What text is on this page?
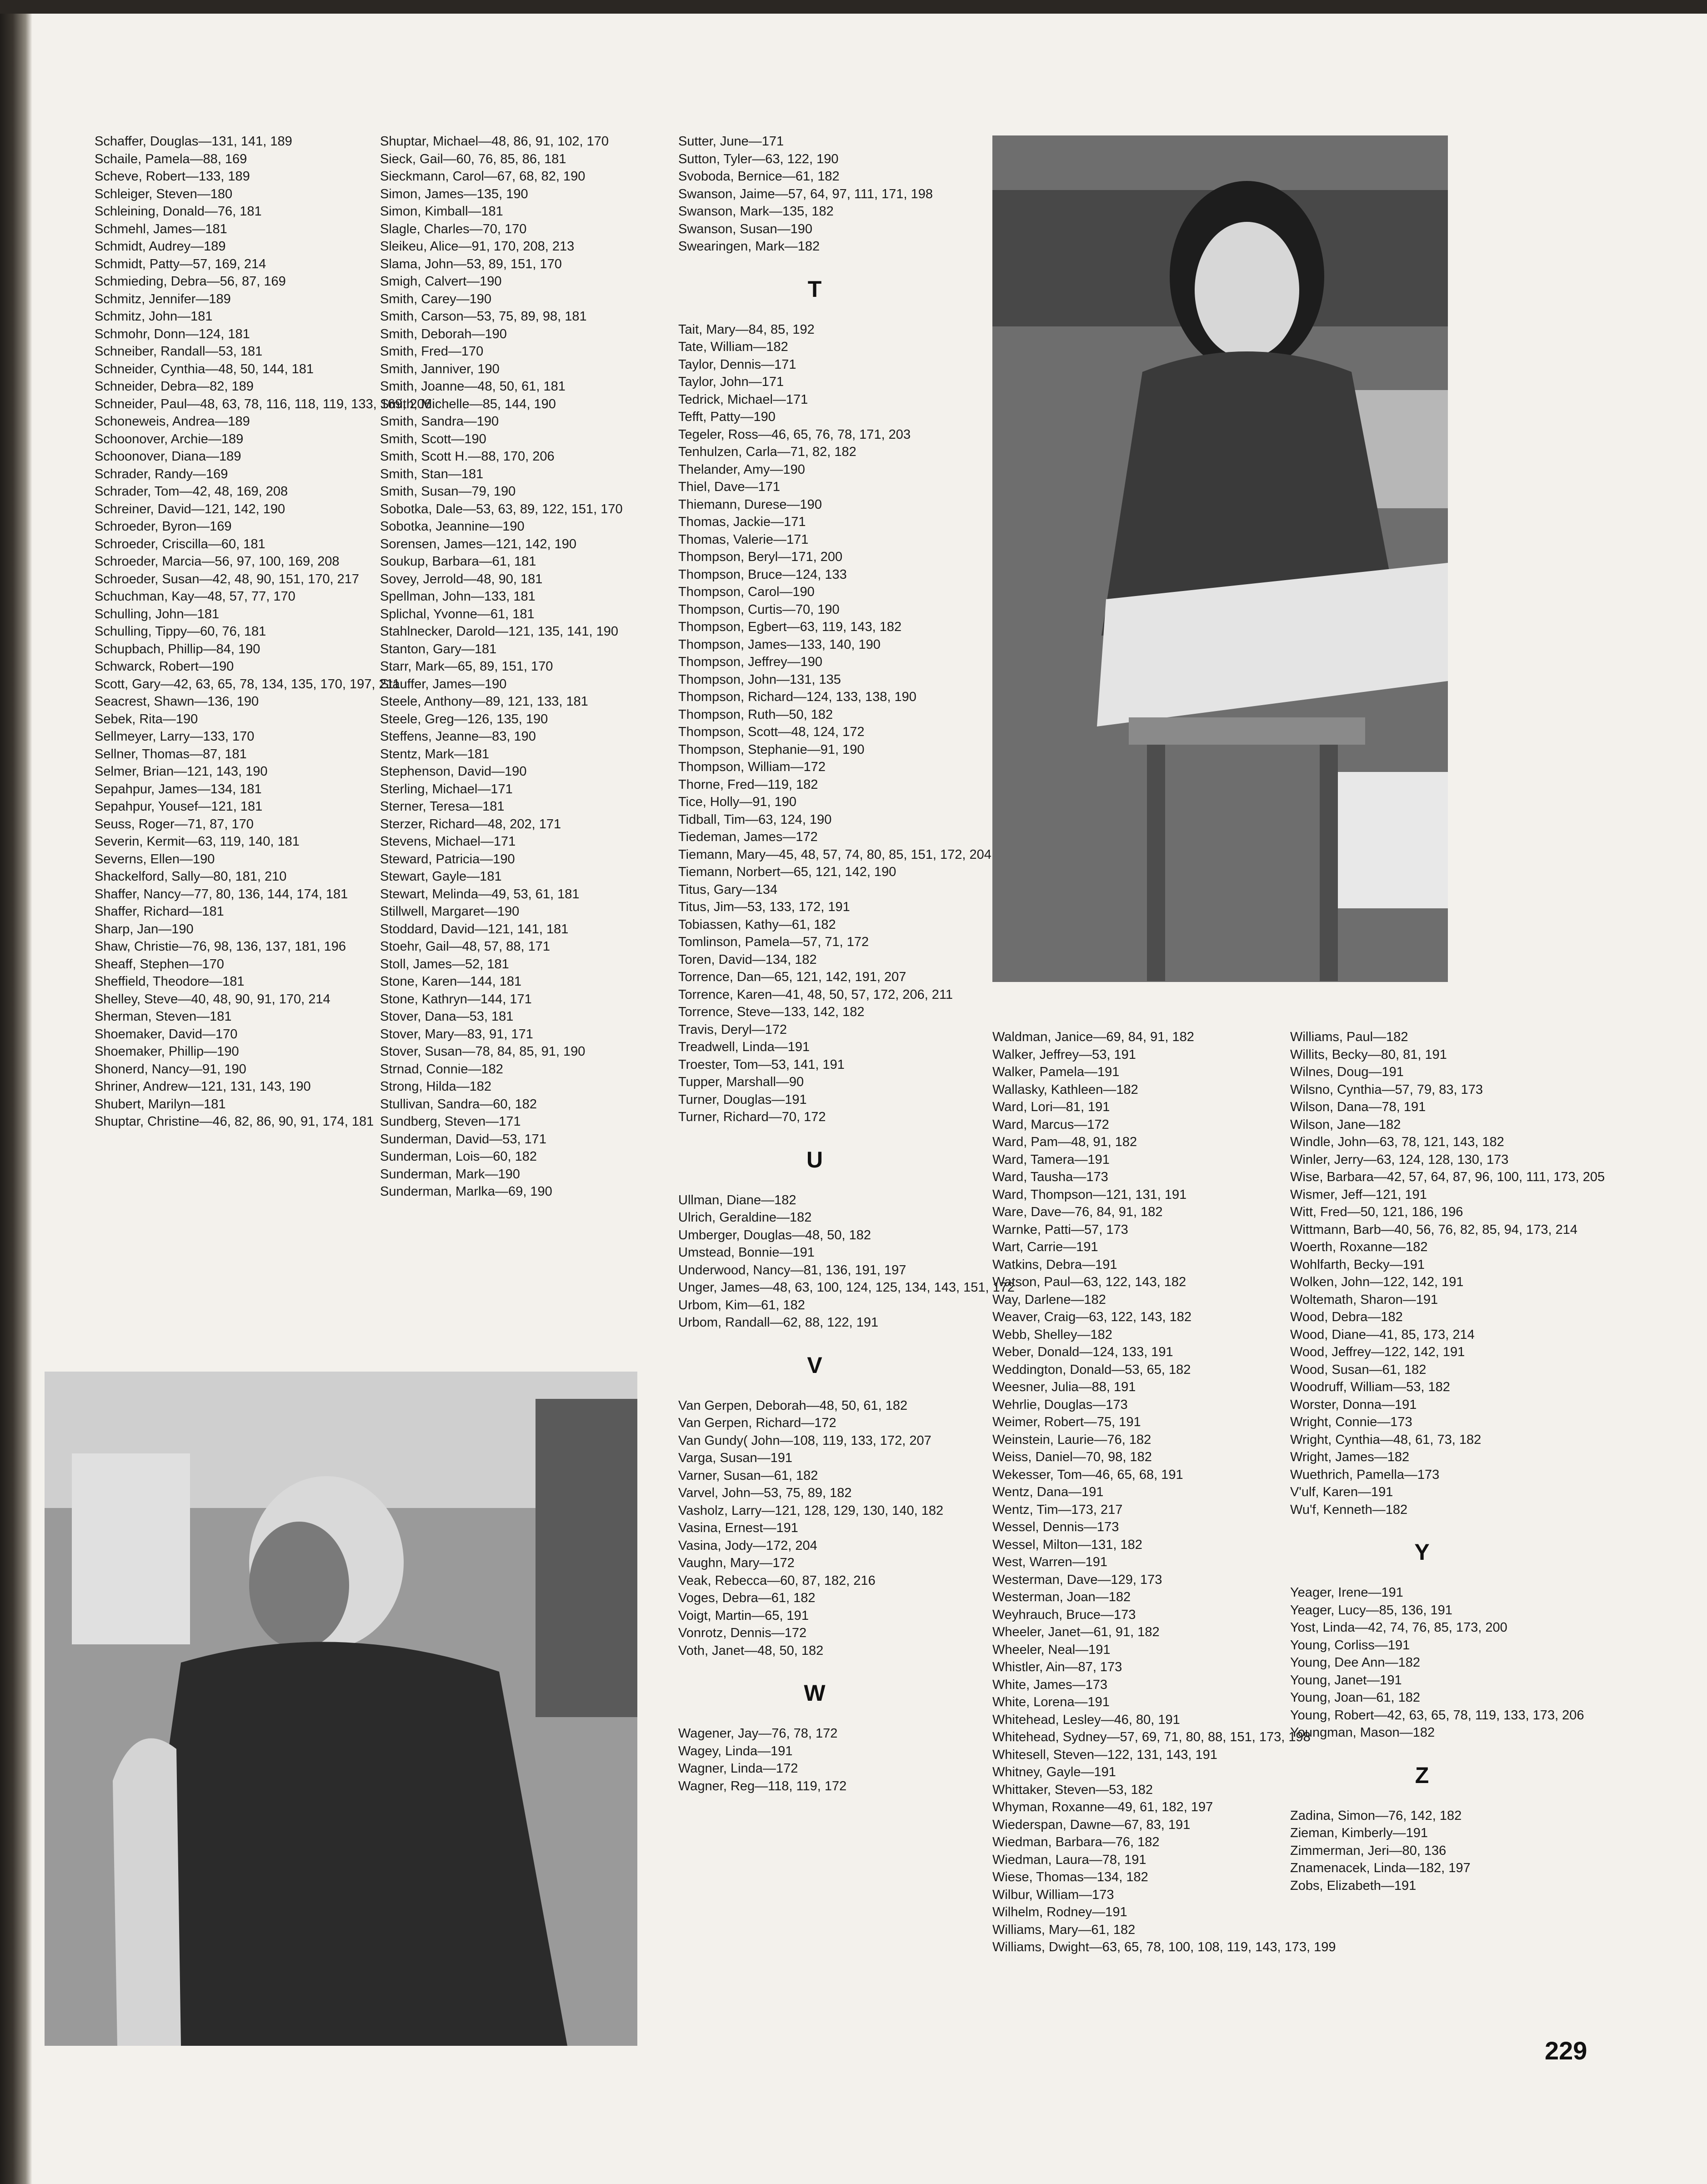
Schaffer, Douglas—131, 141, 189
Schaile, Pamela—88, 169
Scheve, Robert—133, 189
Schleiger, Steven—180
Schleining, Donald—76, 181
Schmehl, James—181
Schmidt, Audrey—189
Schmidt, Patty—57, 169, 214
Schmieding, Debra—56, 87, 169
Schmitz, Jennifer—189
Schmitz, John—181
Schmohr, Donn—124, 181
Schneiber, Randall—53, 181
Schneider, Cynthia—48, 50, 144, 181
Schneider, Debra—82, 189
Schneider, Paul—48, 63, 78, 116, 118, 119, 133, 169, 206
Schoneweis, Andrea—189
Schoonover, Archie—189
Schoonover, Diana—189
Schrader, Randy—169
Schrader, Tom—42, 48, 169, 208
Schreiner, David—121, 142, 190
Schroeder, Byron—169
Schroeder, Criscilla—60, 181
Schroeder, Marcia—56, 97, 100, 169, 208
Schroeder, Susan—42, 48, 90, 151, 170, 217
Schuchman, Kay—48, 57, 77, 170
Schulling, John—181
Schulling, Tippy—60, 76, 181
Schupbach, Phillip—84, 190
Schwarck, Robert—190
Scott, Gary—42, 63, 65, 78, 134, 135, 170, 197, 211
Seacrest, Shawn—136, 190
Sebek, Rita—190
Sellmeyer, Larry—133, 170
Sellner, Thomas—87, 181
Selmer, Brian—121, 143, 190
Sepahpur, James—134, 181
Sepahpur, Yousef—121, 181
Seuss, Roger—71, 87, 170
Severin, Kermit—63, 119, 140, 181
Severns, Ellen—190
Shackelford, Sally—80, 181, 210
Shaffer, Nancy—77, 80, 136, 144, 174, 181
Shaffer, Richard—181
Sharp, Jan—190
Shaw, Christie—76, 98, 136, 137, 181, 196
Sheaff, Stephen—170
Sheffield, Theodore—181
Shelley, Steve—40, 48, 90, 91, 170, 214
Sherman, Steven—181
Shoemaker, David—170
Shoemaker, Phillip—190
Shonerd, Nancy—91, 190
Shriner, Andrew—121, 131, 143, 190
Shubert, Marilyn—181
Shuptar, Christine—46, 82, 86, 90, 91, 174, 181
Shuptar, Michael—48, 86, 91, 102, 170
Sieck, Gail—60, 76, 85, 86, 181
Sieckmann, Carol—67, 68, 82, 190
Simon, James—135, 190
Simon, Kimball—181
Slagle, Charles—70, 170
Sleikeu, Alice—91, 170, 208, 213
Slama, John—53, 89, 151, 170
Smigh, Calvert—190
Smith, Carey—190
Smith, Carson—53, 75, 89, 98, 181
Smith, Deborah—190
Smith, Fred—170
Smith, Janniver, 190
Smith, Joanne—48, 50, 61, 181
Smith, Michelle—85, 144, 190
Smith, Sandra—190
Smith, Scott—190
Smith, Scott H.—88, 170, 206
Smith, Stan—181
Smith, Susan—79, 190
Sobotka, Dale—53, 63, 89, 122, 151, 170
Sobotka, Jeannine—190
Sorensen, James—121, 142, 190
Soukup, Barbara—61, 181
Sovey, Jerrold—48, 90, 181
Spellman, John—133, 181
Splichal, Yvonne—61, 181
Stahlnecker, Darold—121, 135, 141, 190
Stanton, Gary—181
Starr, Mark—65, 89, 151, 170
Stauffer, James—190
Steele, Anthony—89, 121, 133, 181
Steele, Greg—126, 135, 190
Steffens, Jeanne—83, 190
Stentz, Mark—181
Stephenson, David—190
Sterling, Michael—171
Sterner, Teresa—181
Sterzer, Richard—48, 202, 171
Stevens, Michael—171
Steward, Patricia—190
Stewart, Gayle—181
Stewart, Melinda—49, 53, 61, 181
Stillwell, Margaret—190
Stoddard, David—121, 141, 181
Stoehr, Gail—48, 57, 88, 171
Stoll, James—52, 181
Stone, Karen—144, 181
Stone, Kathryn—144, 171
Stover, Dana—53, 181
Stover, Mary—83, 91, 171
Stover, Susan—78, 84, 85, 91, 190
Strnad, Connie—182
Strong, Hilda—182
Stullivan, Sandra—60, 182
Sundberg, Steven—171
Sunderman, David—53, 171
Sunderman, Lois—60, 182
Sunderman, Mark—190
Sunderman, Marlka—69, 190
Sutter, June—171
Sutton, Tyler—63, 122, 190
Svoboda, Bernice—61, 182
Swanson, Jaime—57, 64, 97, 111, 171, 198
Swanson, Mark—135, 182
Swanson, Susan—190
Swearingen, Mark—182
T
Tait, Mary—84, 85, 192
Tate, William—182
Taylor, Dennis—171
Taylor, John—171
Tedrick, Michael—171
Tefft, Patty—190
Tegeler, Ross—46, 65, 76, 78, 171, 203
Tenhulzen, Carla—71, 82, 182
Thelander, Amy—190
Thiel, Dave—171
Thiemann, Durese—190
Thomas, Jackie—171
Thomas, Valerie—171
Thompson, Beryl—171, 200
Thompson, Bruce—124, 133
Thompson, Carol—190
Thompson, Curtis—70, 190
Thompson, Egbert—63, 119, 143, 182
Thompson, James—133, 140, 190
Thompson, Jeffrey—190
Thompson, John—131, 135
Thompson, Richard—124, 133, 138, 190
Thompson, Ruth—50, 182
Thompson, Scott—48, 124, 172
Thompson, Stephanie—91, 190
Thompson, William—172
Thorne, Fred—119, 182
Tice, Holly—91, 190
Tidball, Tim—63, 124, 190
Tiedeman, James—172
Tiemann, Mary—45, 48, 57, 74, 80, 85, 151, 172, 204
Tiemann, Norbert—65, 121, 142, 190
Titus, Gary—134
Titus, Jim—53, 133, 172, 191
Tobiassen, Kathy—61, 182
Tomlinson, Pamela—57, 71, 172
Toren, David—134, 182
Torrence, Dan—65, 121, 142, 191, 207
Torrence, Karen—41, 48, 50, 57, 172, 206, 211
Torrence, Steve—133, 142, 182
Travis, Deryl—172
Treadwell, Linda—191
Troester, Tom—53, 141, 191
Tupper, Marshall—90
Turner, Douglas—191
Turner, Richard—70, 172
U
Ullman, Diane—182
Ulrich, Geraldine—182
Umberger, Douglas—48, 50, 182
Umstead, Bonnie—191
Underwood, Nancy—81, 136, 191, 197
Unger, James—48, 63, 100, 124, 125, 134, 143, 151, 172
Urbom, Kim—61, 182
Urbom, Randall—62, 88, 122, 191
V
Van Gerpen, Deborah—48, 50, 61, 182
Van Gerpen, Richard—172
Van Gundy( John—108, 119, 133, 172, 207
Varga, Susan—191
Varner, Susan—61, 182
Varvel, John—53, 75, 89, 182
Vasholz, Larry—121, 128, 129, 130, 140, 182
Vasina, Ernest—191
Vasina, Jody—172, 204
Vaughn, Mary—172
Veak, Rebecca—60, 87, 182, 216
Voges, Debra—61, 182
Voigt, Martin—65, 191
Vonrotz, Dennis—172
Voth, Janet—48, 50, 182
W
Wagener, Jay—76, 78, 172
Wagey, Linda—191
Wagner, Linda—172
Wagner, Reg—118, 119, 172
Waldman, Janice—69, 84, 91, 182
Walker, Jeffrey—53, 191
Walker, Pamela—191
Wallasky, Kathleen—182
Ward, Lori—81, 191
Ward, Marcus—172
Ward, Pam—48, 91, 182
Ward, Tamera—191
Ward, Tausha—173
Ward, Thompson—121, 131, 191
Ware, Dave—76, 84, 91, 182
Warnke, Patti—57, 173
Wart, Carrie—191
Watkins, Debra—191
Watson, Paul—63, 122, 143, 182
Way, Darlene—182
Weaver, Craig—63, 122, 143, 182
Webb, Shelley—182
Weber, Donald—124, 133, 191
Weddington, Donald—53, 65, 182
Weesner, Julia—88, 191
Wehrlie, Douglas—173
Weimer, Robert—75, 191
Weinstein, Laurie—76, 182
Weiss, Daniel—70, 98, 182
Wekesser, Tom—46, 65, 68, 191
Wentz, Dana—191
Wentz, Tim—173, 217
Wessel, Dennis—173
Wessel, Milton—131, 182
West, Warren—191
Westerman, Dave—129, 173
Westerman, Joan—182
Weyhrauch, Bruce—173
Wheeler, Janet—61, 91, 182
Wheeler, Neal—191
Whistler, Ain—87, 173
White, James—173
White, Lorena—191
Whitehead, Lesley—46, 80, 191
Whitehead, Sydney—57, 69, 71, 80, 88, 151, 173, 198
Whitesell, Steven—122, 131, 143, 191
Whitney, Gayle—191
Whittaker, Steven—53, 182
Whyman, Roxanne—49, 61, 182, 197
Wiederspan, Dawne—67, 83, 191
Wiedman, Barbara—76, 182
Wiedman, Laura—78, 191
Wiese, Thomas—134, 182
Wilbur, William—173
Wilhelm, Rodney—191
Williams, Mary—61, 182
Williams, Dwight—63, 65, 78, 100, 108, 119, 143, 173, 199
Williams, Paul—182
Willits, Becky—80, 81, 191
Wilnes, Doug—191
Wilsno, Cynthia—57, 79, 83, 173
Wilson, Dana—78, 191
Wilson, Jane—182
Windle, John—63, 78, 121, 143, 182
Winler, Jerry—63, 124, 128, 130, 173
Wise, Barbara—42, 57, 64, 87, 96, 100, 111, 173, 205
Wismer, Jeff—121, 191
Witt, Fred—50, 121, 186, 196
Wittmann, Barb—40, 56, 76, 82, 85, 94, 173, 214
Woerth, Roxanne—182
Wohlfarth, Becky—191
Wolken, John—122, 142, 191
Woltemath, Sharon—191
Wood, Debra—182
Wood, Diane—41, 85, 173, 214
Wood, Jeffrey—122, 142, 191
Wood, Susan—61, 182
Woodruff, William—53, 182
Worster, Donna—191
Wright, Connie—173
Wright, Cynthia—48, 61, 73, 182
Wright, James—182
Wuethrich, Pamella—173
V'ulf, Karen—191
Wu'f, Kenneth—182
Y
Yeager, Irene—191
Yeager, Lucy—85, 136, 191
Yost, Linda—42, 74, 76, 85, 173, 200
Young, Corliss—191
Young, Dee Ann—182
Young, Janet—191
Young, Joan—61, 182
Young, Robert—42, 63, 65, 78, 119, 133, 173, 206
Youngman, Mason—182
Z
Zadina, Simon—76, 142, 182
Zieman, Kimberly—191
Zimmerman, Jeri—80, 136
Znamenacek, Linda—182, 197
Zobs, Elizabeth—191
229
